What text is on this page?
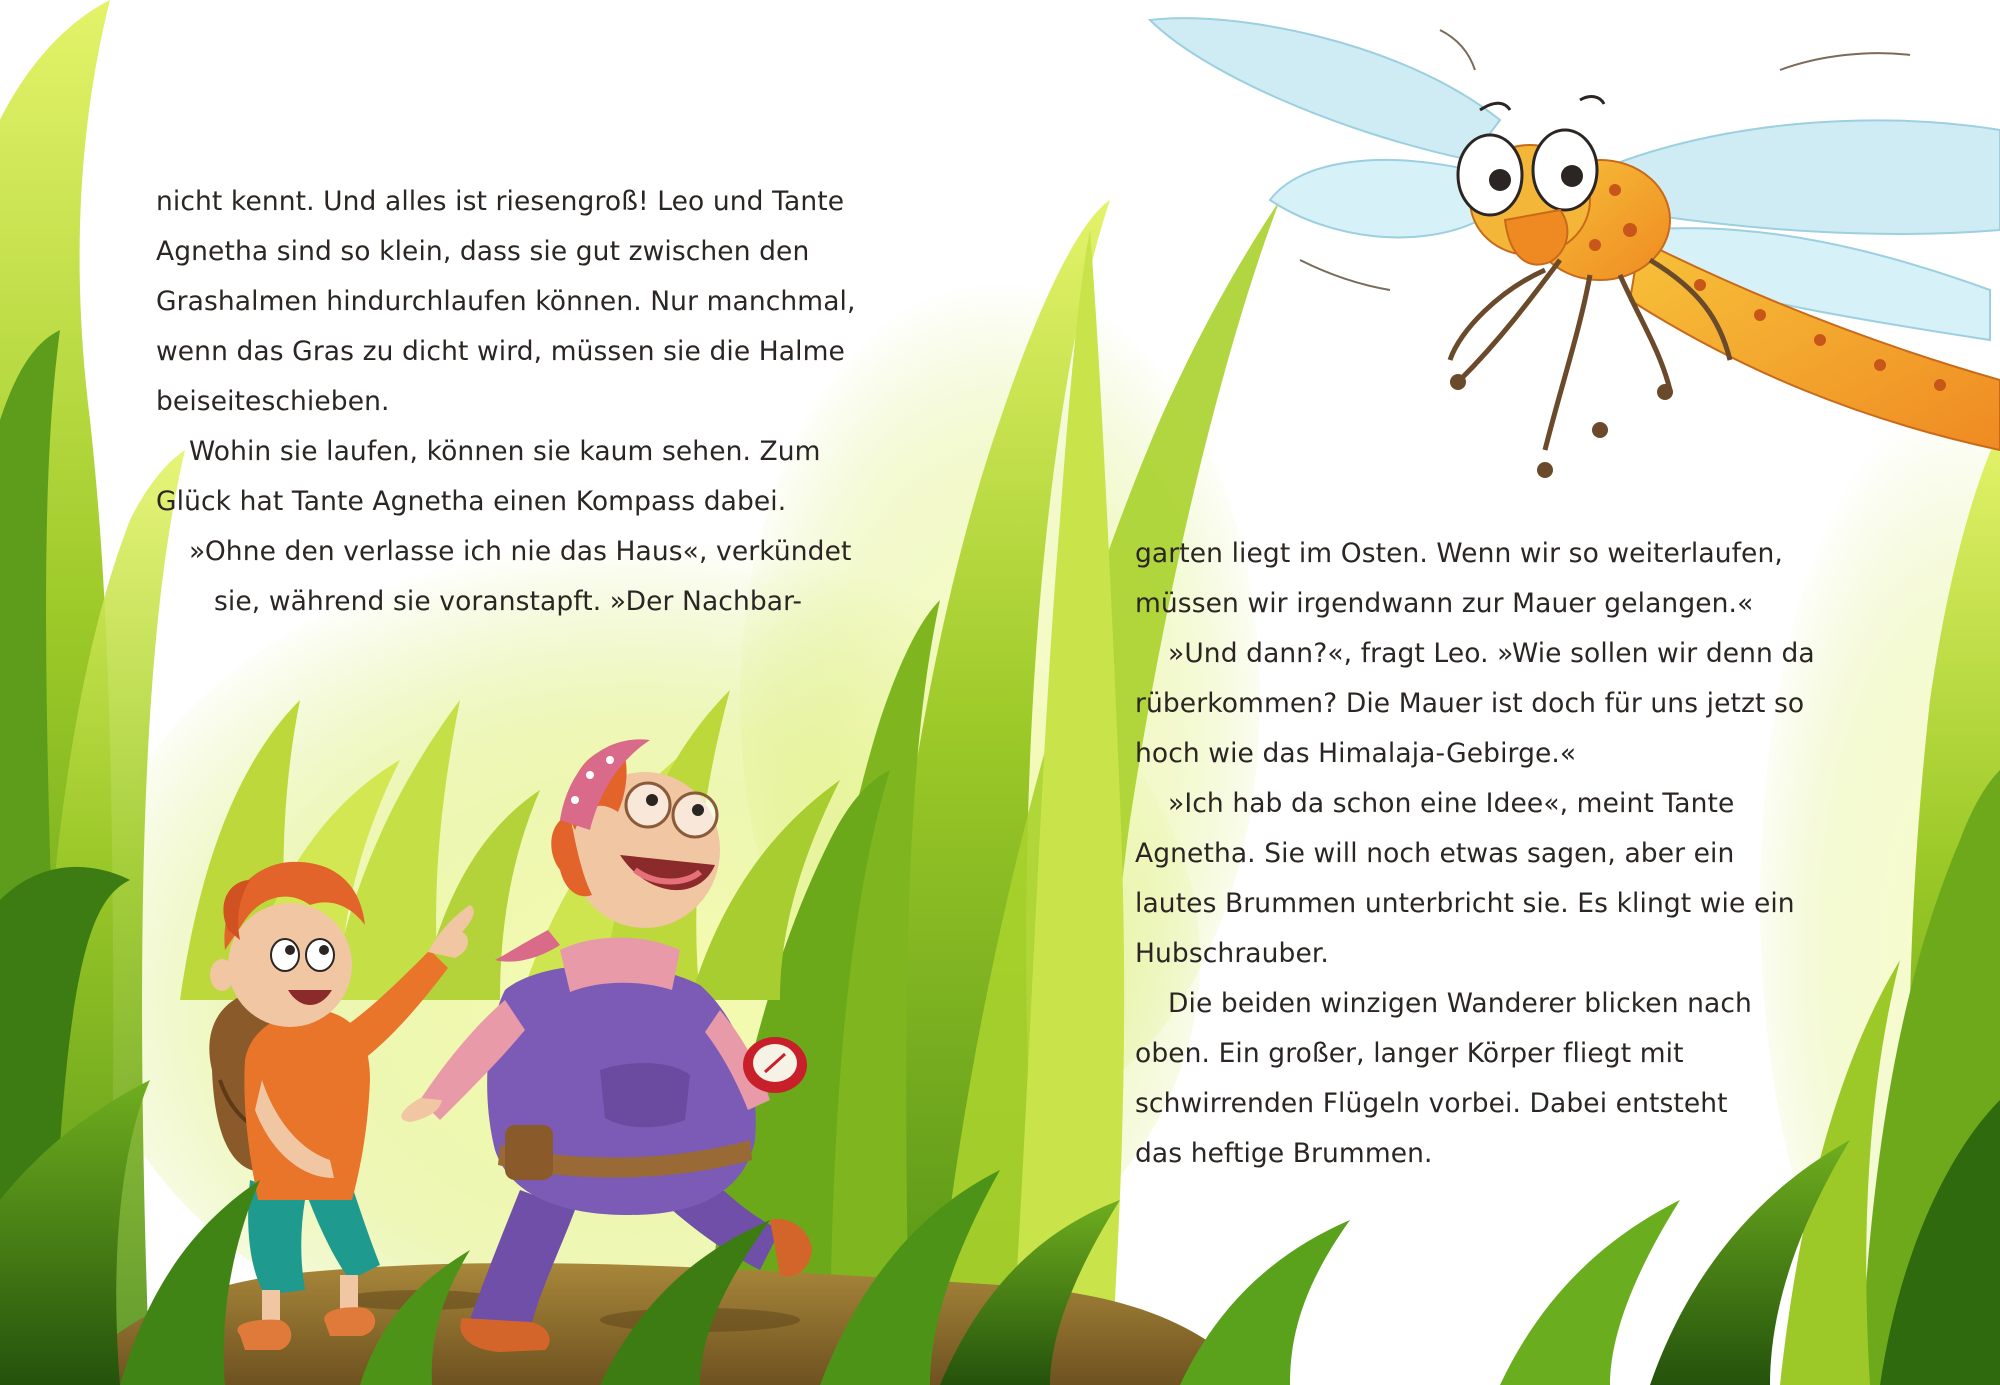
nicht kennt. Und alles ist riesengroß! Leo und Tante
Agnetha sind so klein, dass sie gut zwischen den
Grashalmen hindurchlaufen können. Nur manchmal,
wenn das Gras zu dicht wird, müssen sie die Halme
beiseiteschieben.
Wohin sie laufen, können sie kaum sehen. Zum
Glück hat Tante Agnetha einen Kompass dabei.
»Ohne den verlasse ich nie das Haus«, verkündet
sie, während sie voranstapft. »Der Nachbar-
garten liegt im Osten. Wenn wir so weiterlaufen,
müssen wir irgendwann zur Mauer gelangen.«
»Und dann?«, fragt Leo. »Wie sollen wir denn da
rüberkommen? Die Mauer ist doch für uns jetzt so
hoch wie das Himalaja-Gebirge.«
»Ich hab da schon eine Idee«, meint Tante
Agnetha. Sie will noch etwas sagen, aber ein
lautes Brummen unterbricht sie. Es klingt wie ein
Hubschrauber.
Die beiden winzigen Wanderer blicken nach
oben. Ein großer, langer Körper fliegt mit
schwirrenden Flügeln vorbei. Dabei entsteht
das heftige Brummen.
